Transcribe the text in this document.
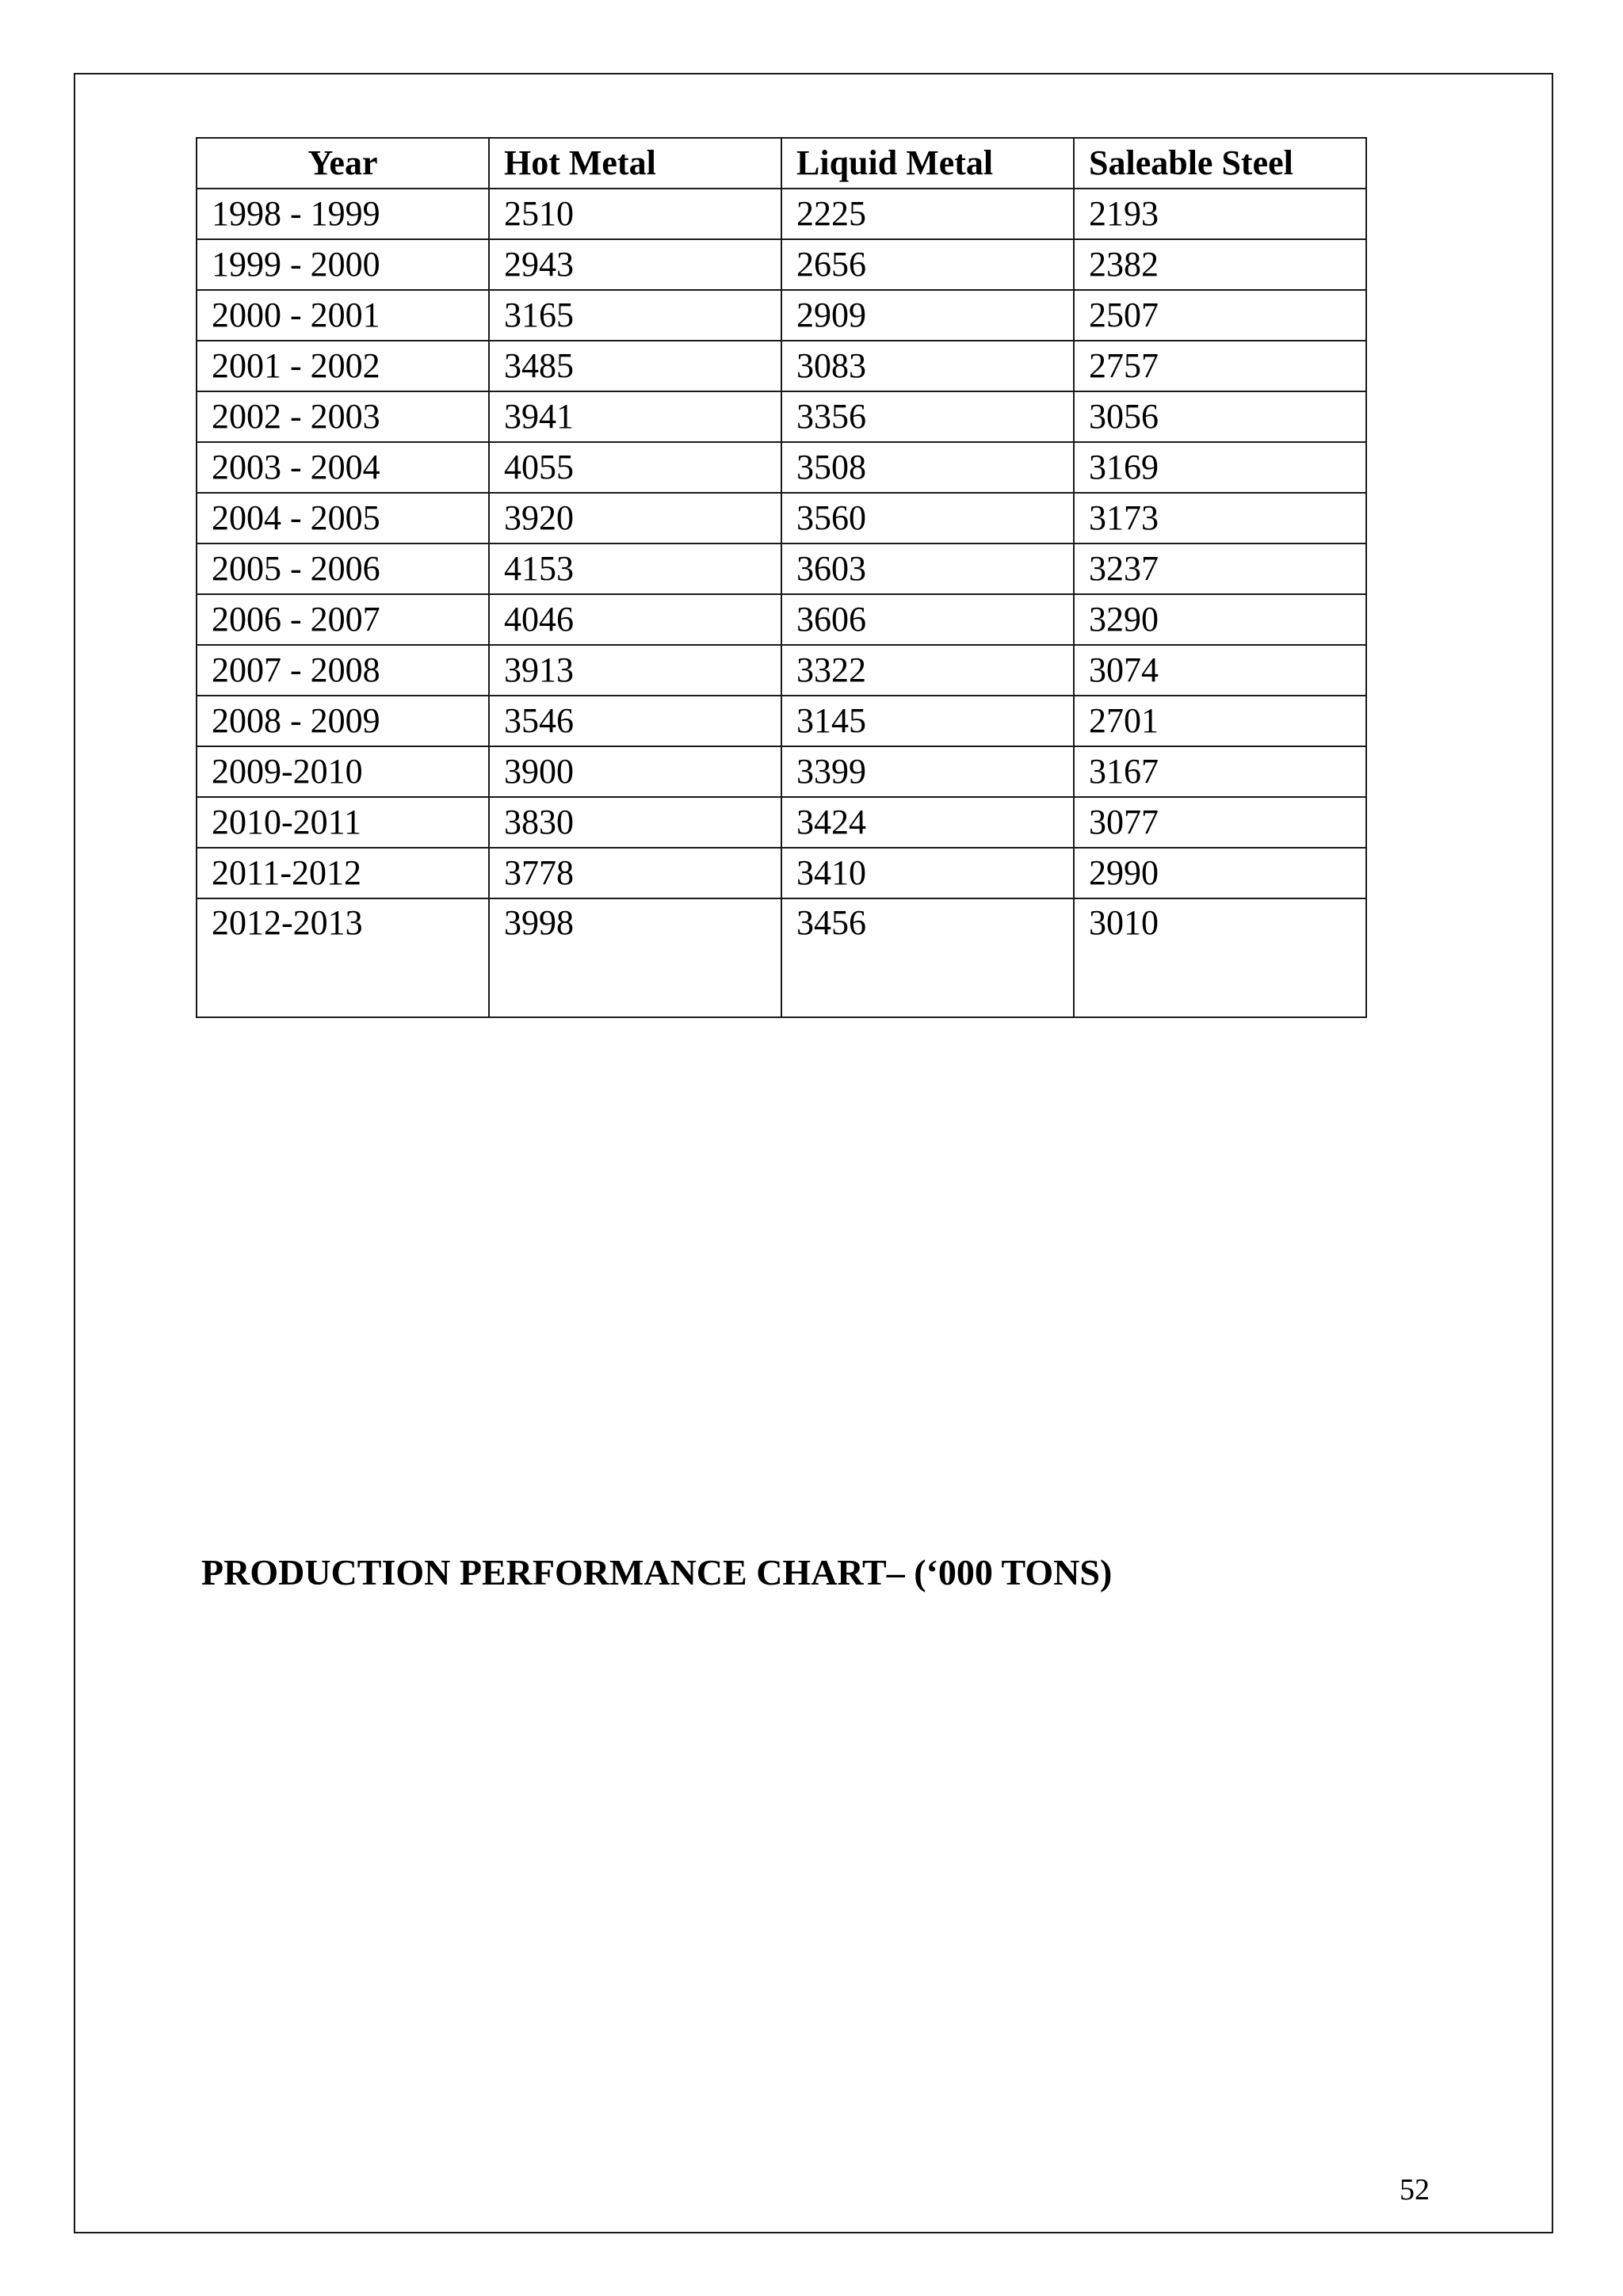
Year	Hot Metal	Liquid Metal	Saleable Steel
1998 - 1999	2510	2225	2193
1999 - 2000	2943	2656	2382
2000 - 2001	3165	2909	2507
2001 - 2002	3485	3083	2757
2002 - 2003	3941	3356	3056
2003 - 2004	4055	3508	3169
2004 - 2005	3920	3560	3173
2005 - 2006	4153	3603	3237
2006 - 2007	4046	3606	3290
2007 - 2008	3913	3322	3074
2008 - 2009	3546	3145	2701
2009-2010	3900	3399	3167
2010-2011	3830	3424	3077
2011-2012	3778	3410	2990
2012-2013	3998	3456	3010
PRODUCTION PERFORMANCE CHART– (‘000 TONS)

52
